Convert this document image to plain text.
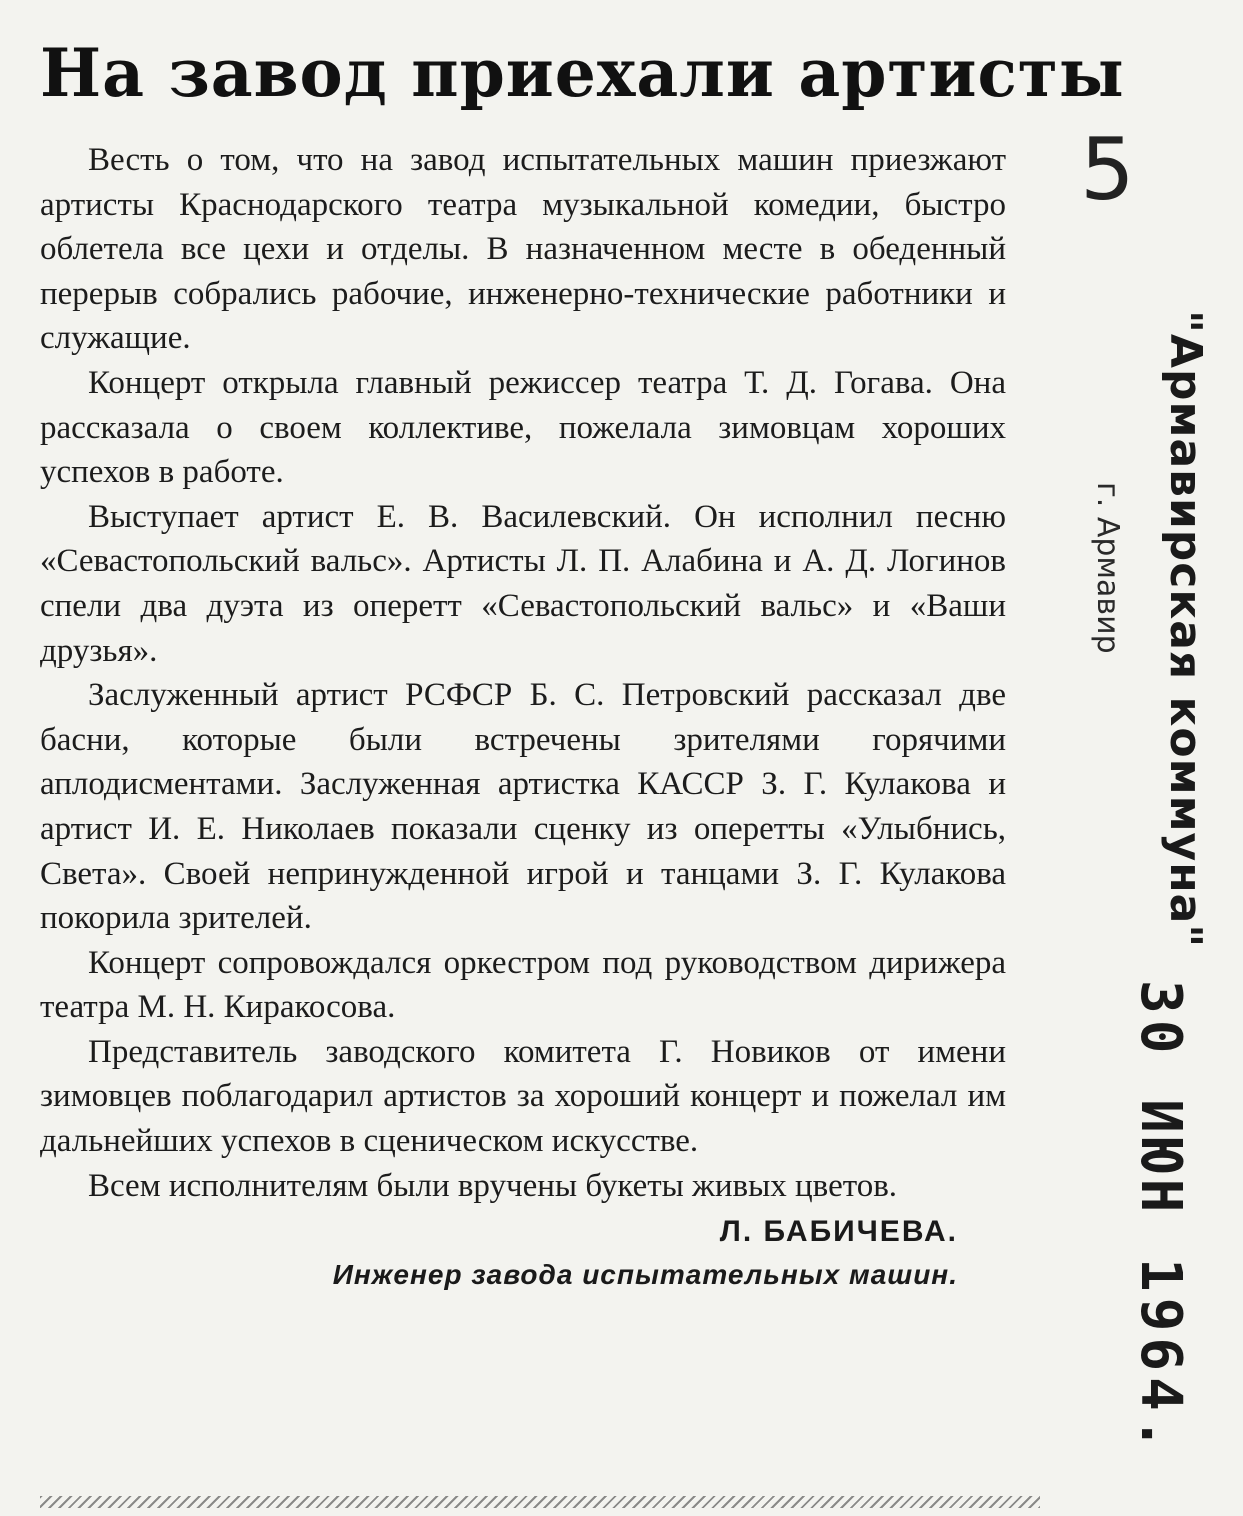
На завод приехали артисты

Весть о том, что на завод испытательных машин приезжают артисты Краснодарского театра музыкальной комедии, быстро облетела все цехи и отделы. В назначенном месте в обеденный перерыв собрались рабочие, инженерно-технические работники и служащие.

Концерт открыла главный режиссер театра Т. Д. Гогава. Она рассказала о своем коллективе, пожелала зимовцам хороших успехов в работе.

Выступает артист Е. В. Василевский. Он исполнил песню «Севастопольский вальс». Артисты Л. П. Алабина и А. Д. Логинов спели два дуэта из оперетт «Севастопольский вальс» и «Ваши друзья».

Заслуженный артист РСФСР Б. С. Петровский рассказал две басни, которые были встречены зрителями горячими аплодисментами. Заслуженная артистка КАССР З. Г. Кулакова и артист И. Е. Николаев показали сценку из оперетты «Улыбнись, Света». Своей непринужденной игрой и танцами З. Г. Кулакова покорила зрителей.

Концерт сопровождался оркестром под руководством дирижера театра М. Н. Киракосова.

Представитель заводского комитета Г. Новиков от имени зимовцев поблагодарил артистов за хороший концерт и пожелал им дальнейших успехов в сценическом искусстве.

Всем исполнителям были вручены букеты живых цветов.

Л. БАБИЧЕВА.
Инженер завода испытательных машин.
5
"Армавирская коммуна"
г. Армавир
30 ИЮН 1964.
